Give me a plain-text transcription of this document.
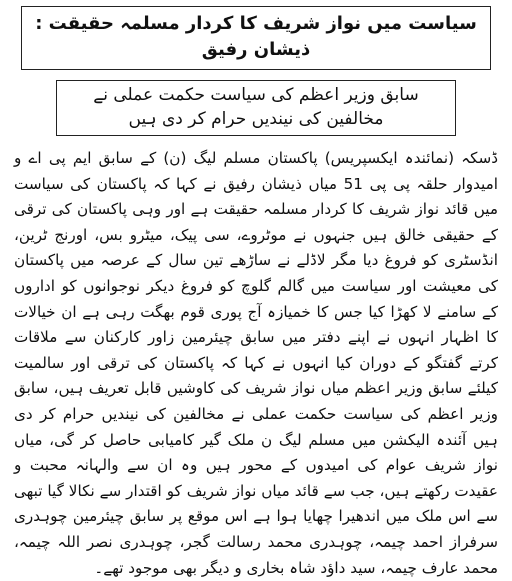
سیاست میں نواز شریف کا کردار مسلمہ حقیقت : ذیشان رفیق

سابق وزیر اعظم کی سیاست حکمت عملی نے مخالفین کی نیندیں حرام کر دی ہیں

ڈسکہ (نمائندہ ایکسپریس) پاکستان مسلم لیگ (ن) کے سابق ایم پی اے و امیدوار حلقہ پی پی 51 میاں ذیشان رفیق نے کہا کہ پاکستان کی سیاست میں قائد نواز شریف کا کردار مسلمہ حقیقت ہے اور وہی پاکستان کی ترقی کے حقیقی خالق ہیں جنہوں نے موٹروے، سی پیک، میٹرو بس، اورنج ٹرین، انڈسٹری کو فروغ دیا مگر لاڈلے نے ساڑھے تین سال کے عرصہ میں پاکستان کی معیشت اور سیاست میں گالم گلوچ کو فروغ دیکر نوجوانوں کو اداروں کے سامنے لا کھڑا کیا جس کا خمیازہ آج پوری قوم بھگت رہی ہے ان خیالات کا اظہار انہوں نے اپنے دفتر میں سابق چیئرمین زاور کارکنان سے ملاقات کرتے گفتگو کے دوران کیا انہوں نے کہا کہ پاکستان کی ترقی اور سالمیت کیلئے سابق وزیر اعظم میاں نواز شریف کی کاوشیں قابل تعریف ہیں، سابق وزیر اعظم کی سیاست حکمت عملی نے مخالفین کی نیندیں حرام کر دی ہیں آئندہ الیکشن میں مسلم لیگ ن ملک گیر کامیابی حاصل کر گی، میاں نواز شریف عوام کی امیدوں کے محور ہیں وہ ان سے والہانہ محبت و عقیدت رکھتے ہیں، جب سے قائد میاں نواز شریف کو اقتدار سے نکالا گیا تبھی سے اس ملک میں اندھیرا چھایا ہوا ہے اس موقع پر سابق چیئرمین چوہدری سرفراز احمد چیمہ، چوہدری محمد رسالت گجر، چوہدری نصر اللہ چیمہ، محمد عارف چیمہ، سید داؤد شاہ بخاری و دیگر بھی موجود تھے۔
